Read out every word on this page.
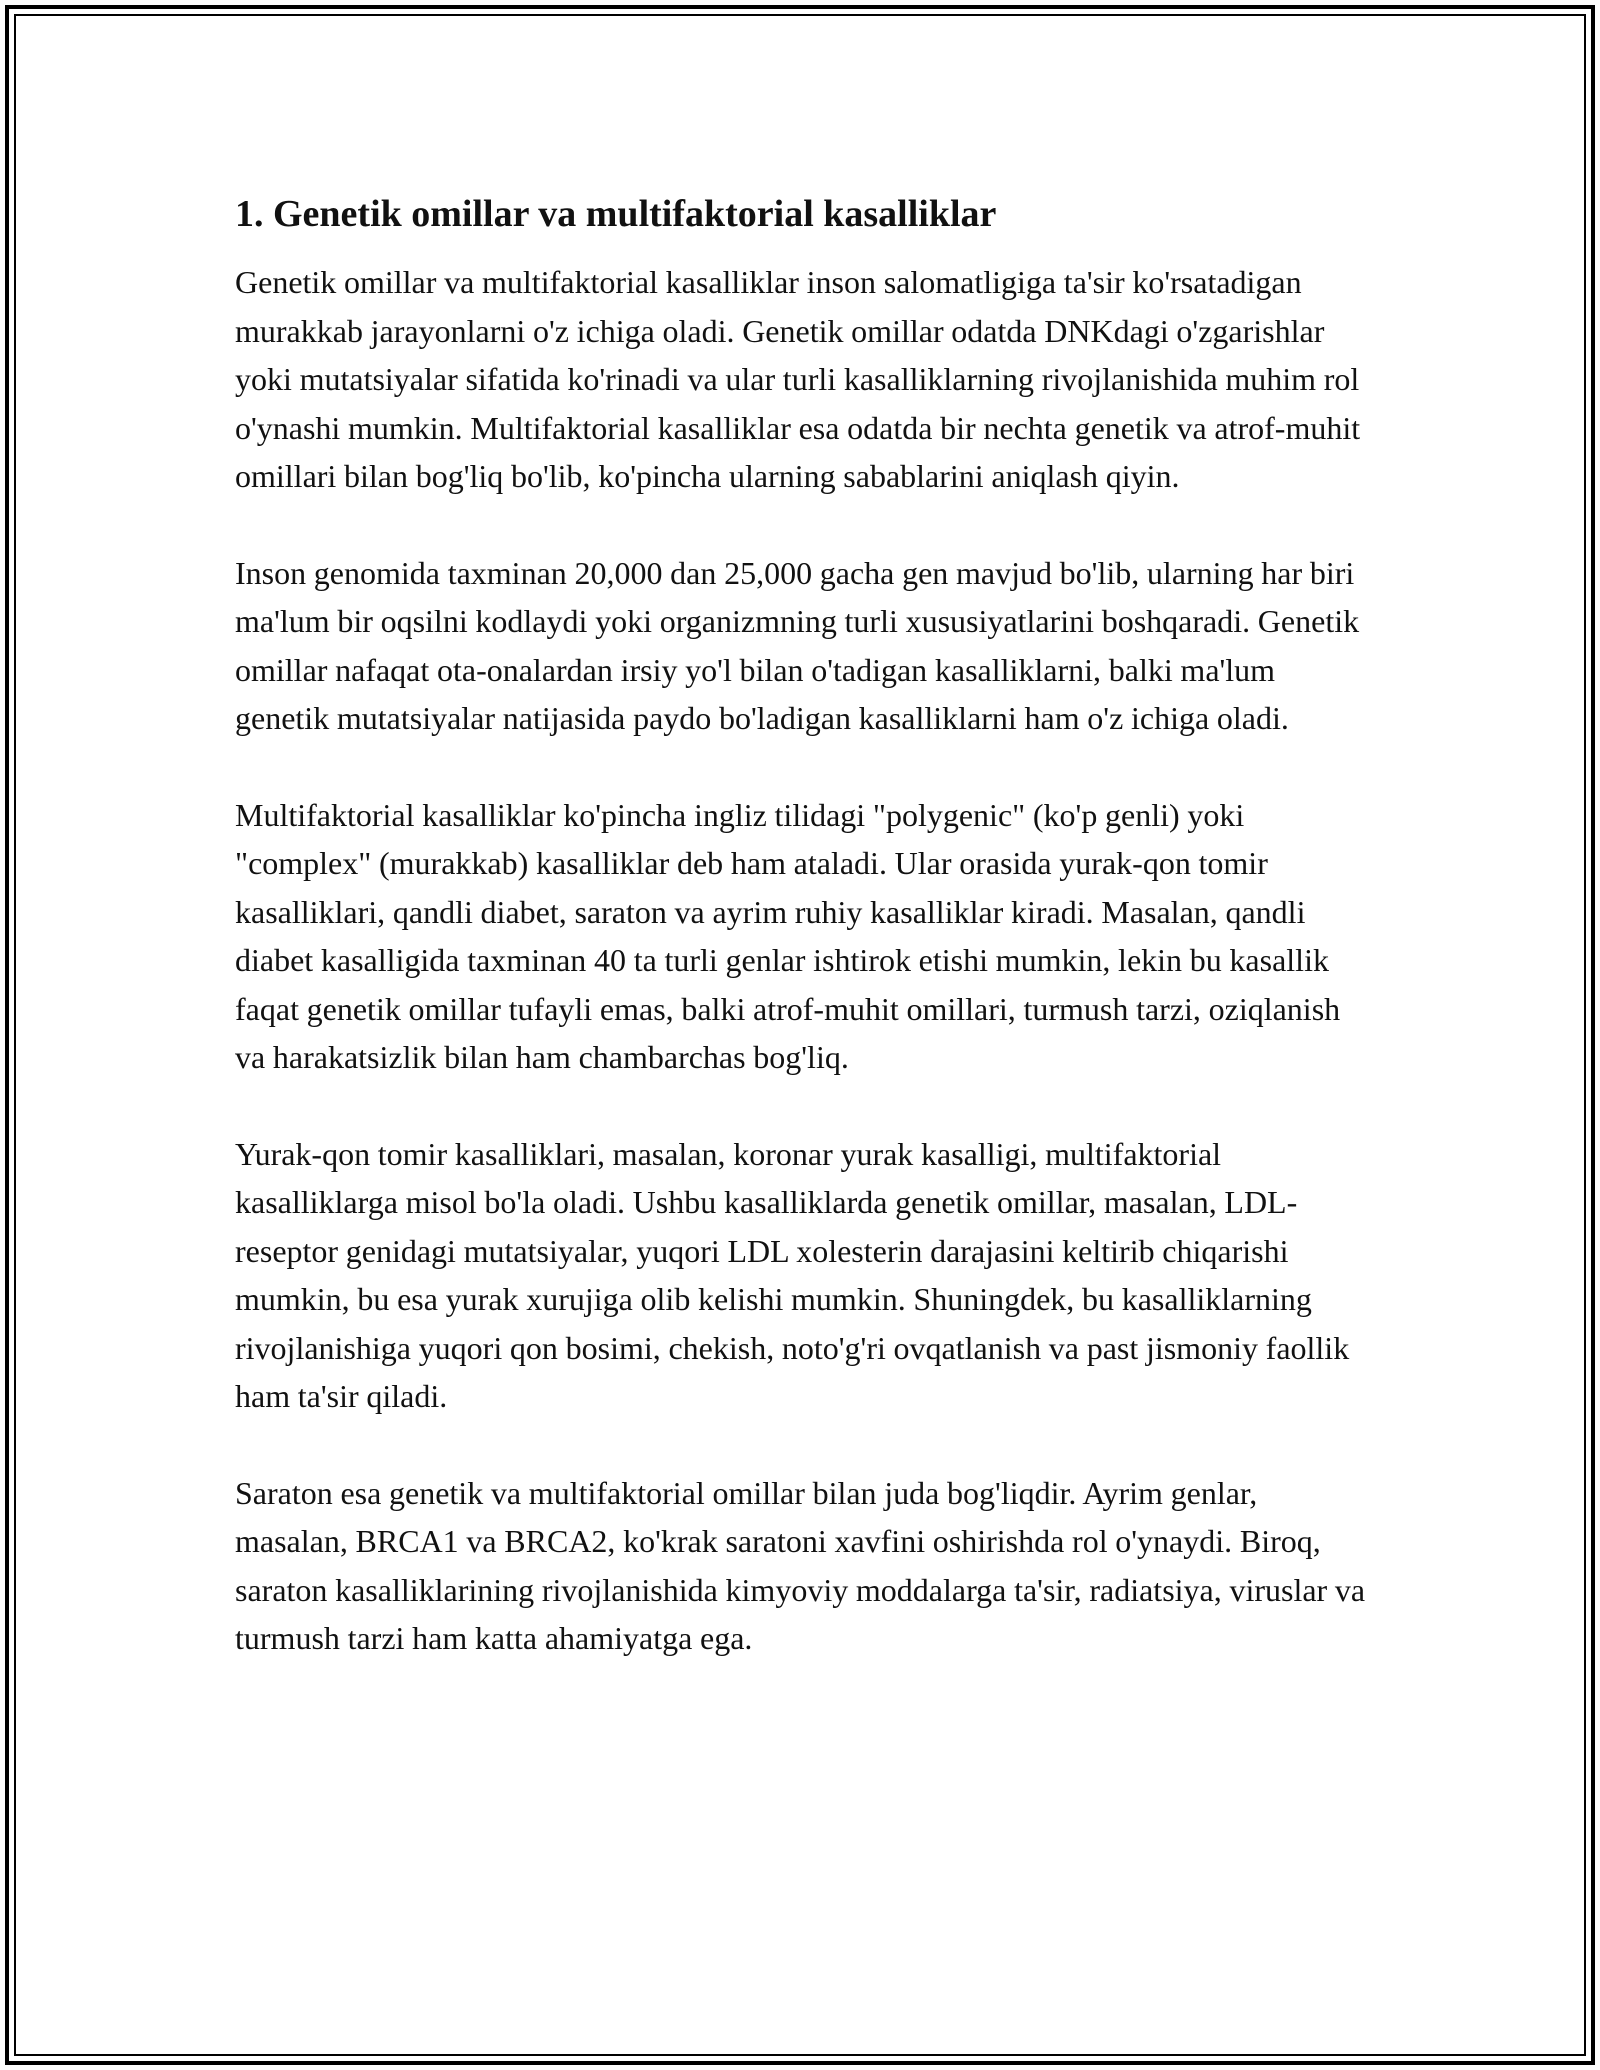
1. Genetik omillar va multifaktorial kasalliklar

Genetik omillar va multifaktorial kasalliklar inson salomatligiga ta'sir ko'rsatadigan murakkab jarayonlarni o'z ichiga oladi. Genetik omillar odatda DNKdagi o'zgarishlar yoki mutatsiyalar sifatida ko'rinadi va ular turli kasalliklarning rivojlanishida muhim rol o'ynashi mumkin. Multifaktorial kasalliklar esa odatda bir nechta genetik va atrof-muhit omillari bilan bog'liq bo'lib, ko'pincha ularning sabablarini aniqlash qiyin.

Inson genomida taxminan 20,000 dan 25,000 gacha gen mavjud bo'lib, ularning har biri ma'lum bir oqsilni kodlaydi yoki organizmning turli xususiyatlarini boshqaradi. Genetik omillar nafaqat ota-onalardan irsiy yo'l bilan o'tadigan kasalliklarni, balki ma'lum genetik mutatsiyalar natijasida paydo bo'ladigan kasalliklarni ham o'z ichiga oladi.

Multifaktorial kasalliklar ko'pincha ingliz tilidagi "polygenic" (ko'p genli) yoki "complex" (murakkab) kasalliklar deb ham ataladi. Ular orasida yurak-qon tomir kasalliklari, qandli diabet, saraton va ayrim ruhiy kasalliklar kiradi. Masalan, qandli diabet kasalligida taxminan 40 ta turli genlar ishtirok etishi mumkin, lekin bu kasallik faqat genetik omillar tufayli emas, balki atrof-muhit omillari, turmush tarzi, oziqlanish va harakatsizlik bilan ham chambarchas bog'liq.

Yurak-qon tomir kasalliklari, masalan, koronar yurak kasalligi, multifaktorial kasalliklarga misol bo'la oladi. Ushbu kasalliklarda genetik omillar, masalan, LDL-reseptor genidagi mutatsiyalar, yuqori LDL xolesterin darajasini keltirib chiqarishi mumkin, bu esa yurak xurujiga olib kelishi mumkin. Shuningdek, bu kasalliklarning rivojlanishiga yuqori qon bosimi, chekish, noto'g'ri ovqatlanish va past jismoniy faollik ham ta'sir qiladi.

Saraton esa genetik va multifaktorial omillar bilan juda bog'liqdir. Ayrim genlar, masalan, BRCA1 va BRCA2, ko'krak saratoni xavfini oshirishda rol o'ynaydi. Biroq, saraton kasalliklarining rivojlanishida kimyoviy moddalarga ta'sir, radiatsiya, viruslar va turmush tarzi ham katta ahamiyatga ega.
